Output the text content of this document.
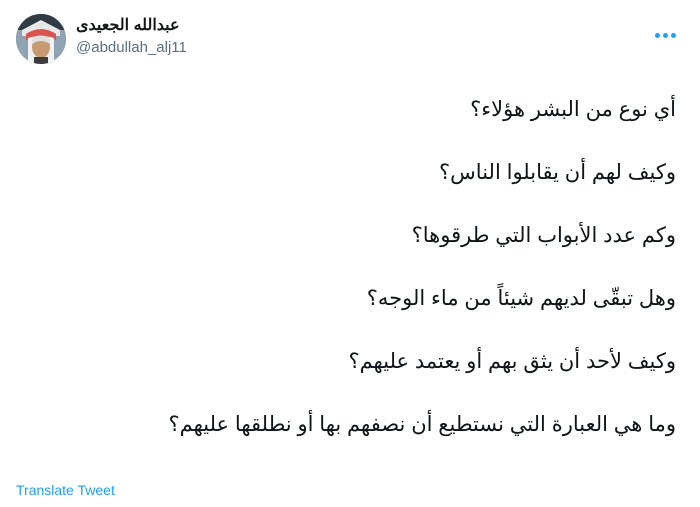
عبدالله الجعيدى
@abdullah_alj11

أي نوع من البشر هؤلاء؟

وكيف لهم أن يقابلوا الناس؟

وكم عدد الأبواب التي طرقوها؟

وهل تبقّى لديهم شيئاً من ماء الوجه؟

وكيف لأحد أن يثق بهم أو يعتمد عليهم؟

وما هي العبارة التي نستطيع أن نصفهم بها أو نطلقها عليهم؟

Translate Tweet
